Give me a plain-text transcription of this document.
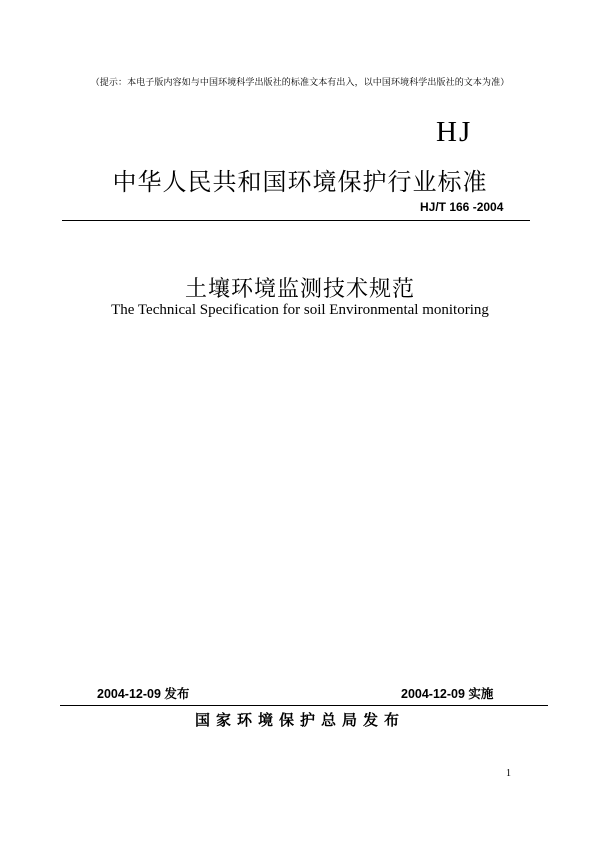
（提示：本电子版内容如与中国环境科学出版社的标准文本有出入，以中国环境科学出版社的文本为准）
HJ
中华人民共和国环境保护行业标准
HJ/T 166 -2004
土壤环境监测技术规范
The Technical Specification for soil Environmental monitoring
2004-12-09 发布	2004-12-09 实施
国家环境保护总局发布
1
